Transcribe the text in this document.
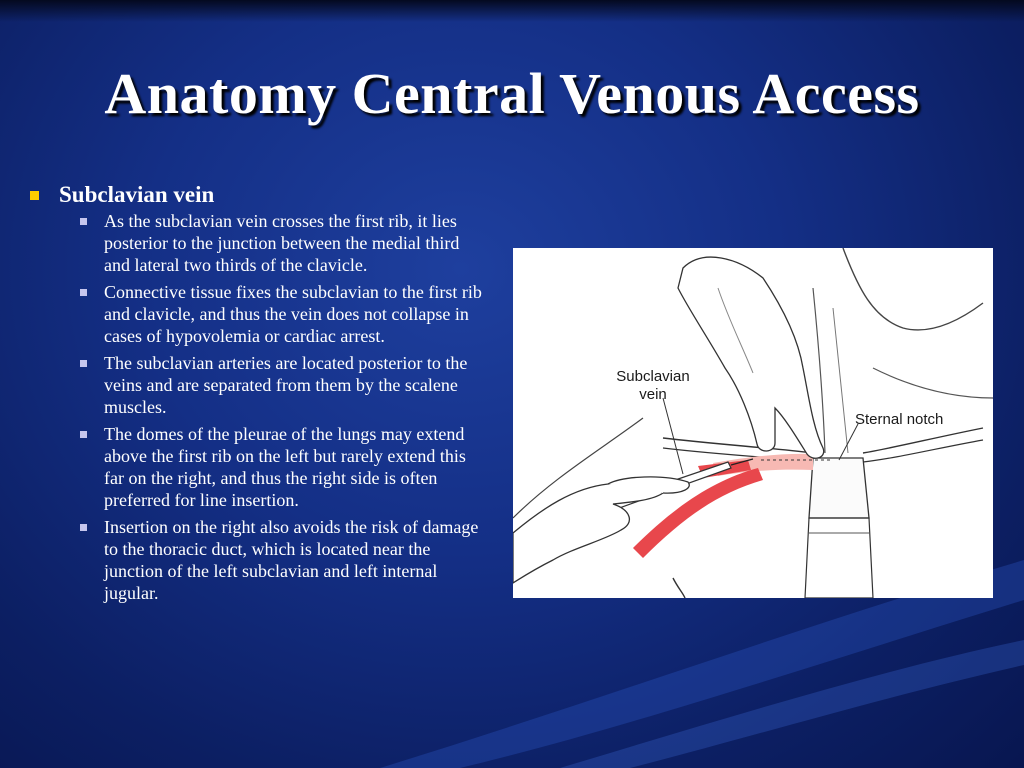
Anatomy Central Venous Access
Subclavian vein
As the subclavian vein crosses the first rib, it lies posterior to the junction between the medial third and lateral two thirds of the clavicle.
Connective tissue fixes the subclavian to the first rib and clavicle, and thus the vein does not collapse in cases of hypovolemia or cardiac arrest.
The subclavian arteries are located posterior to the veins and are separated from them by the scalene muscles.
The domes of the pleurae of the lungs may extend above the first rib on the left but rarely extend this far on the right, and thus the right side is often preferred for line insertion.
Insertion on the right also avoids the risk of damage to the thoracic duct, which is located near the junction of the left subclavian and left internal jugular.
Subclavian
vein
Sternal notch
